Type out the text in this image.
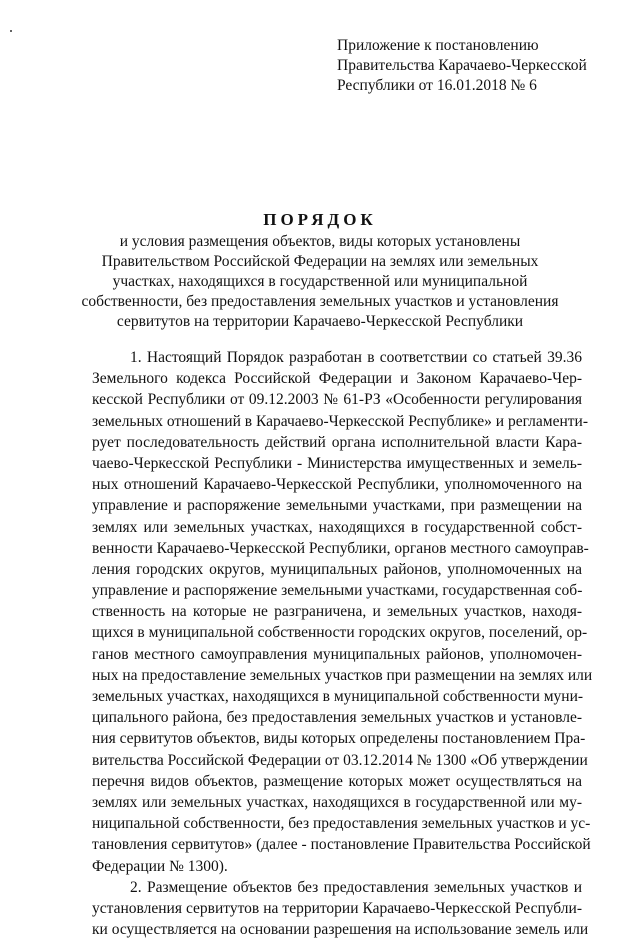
Приложение к постановлению
Правительства Карачаево-Черкесской
Республики от 16.01.2018 № 6
ПОРЯДОК
и условия размещения объектов, виды которых установлены
Правительством Российской Федерации на землях или земельных
участках, находящихся в государственной или муниципальной
собственности, без предоставления земельных участков и установления
сервитутов на территории Карачаево-Черкесской Республики
1. Настоящий Порядок разработан в соответствии со статьей 39.36
Земельного кодекса Российской Федерации и Законом Карачаево-Чер-
кесской Республики от 09.12.2003 № 61-РЗ «Особенности регулирования
земельных отношений в Карачаево-Черкесской Республике» и регламенти-
рует последовательность действий органа исполнительной власти Кара-
чаево-Черкесской Республики - Министерства имущественных и земель-
ных отношений Карачаево-Черкесской Республики, уполномоченного на
управление и распоряжение земельными участками, при размещении на
землях или земельных участках, находящихся в государственной собст-
венности Карачаево-Черкесской Республики, органов местного самоуправ-
ления городских округов, муниципальных районов, уполномоченных на
управление и распоряжение земельными участками, государственная соб-
ственность на которые не разграничена, и земельных участков, находя-
щихся в муниципальной собственности городских округов, поселений, ор-
ганов местного самоуправления муниципальных районов, уполномочен-
ных на предоставление земельных участков при размещении на землях или
земельных участках, находящихся в муниципальной собственности муни-
ципального района, без предоставления земельных участков и установле-
ния сервитутов объектов, виды которых определены постановлением Пра-
вительства Российской Федерации от 03.12.2014 № 1300 «Об утверждении
перечня видов объектов, размещение которых может осуществляться на
землях или земельных участках, находящихся в государственной или му-
ниципальной собственности, без предоставления земельных участков и ус-
тановления сервитутов» (далее - постановление Правительства Российской
Федерации № 1300).
2. Размещение объектов без предоставления земельных участков и
установления сервитутов на территории Карачаево-Черкесской Республи-
ки осуществляется на основании разрешения на использование земель или
